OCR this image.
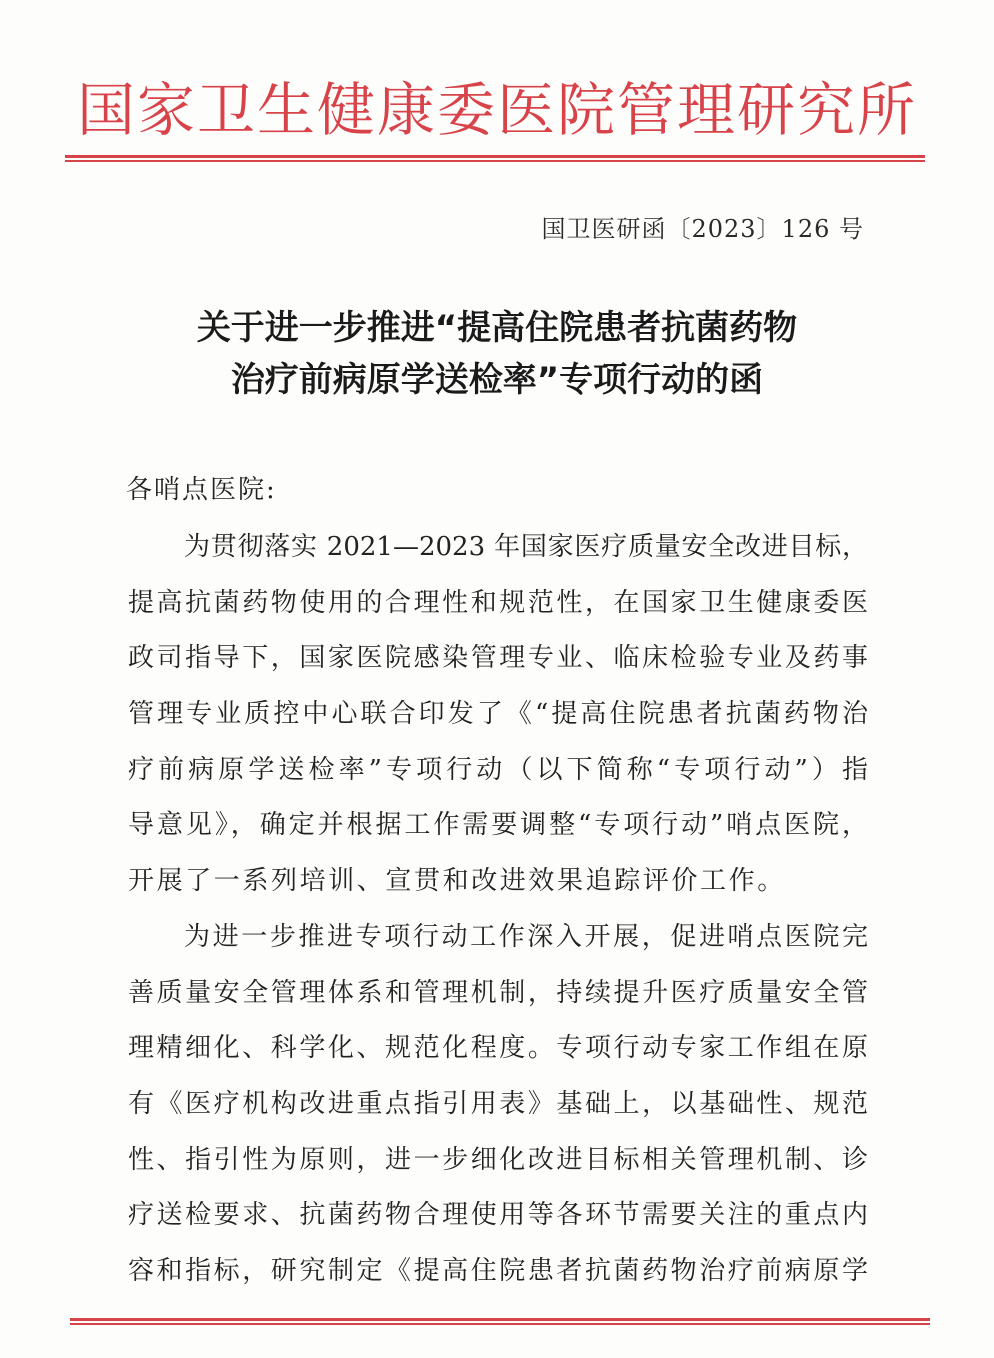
国家卫生健康委医院管理研究所
国卫医研函〔2023〕126 号
关于进一步推进“提高住院患者抗菌药物
治疗前病原学送检率”专项行动的函
各哨点医院:
为贯彻落实 2021—2023 年国家医疗质量安全改进目标，
提高抗菌药物使用的合理性和规范性，在国家卫生健康委医
政司指导下，国家医院感染管理专业、临床检验专业及药事
管理专业质控中心联合印发了《“提高住院患者抗菌药物治
疗前病原学送检率”专项行动（以下简称“专项行动”）指
导意见》，确定并根据工作需要调整“专项行动”哨点医院，
开展了一系列培训、宣贯和改进效果追踪评价工作。
为进一步推进专项行动工作深入开展，促进哨点医院完
善质量安全管理体系和管理机制，持续提升医疗质量安全管
理精细化、科学化、规范化程度。专项行动专家工作组在原
有《医疗机构改进重点指引用表》基础上，以基础性、规范
性、指引性为原则，进一步细化改进目标相关管理机制、诊
疗送检要求、抗菌药物合理使用等各环节需要关注的重点内
容和指标，研究制定《提高住院患者抗菌药物治疗前病原学
